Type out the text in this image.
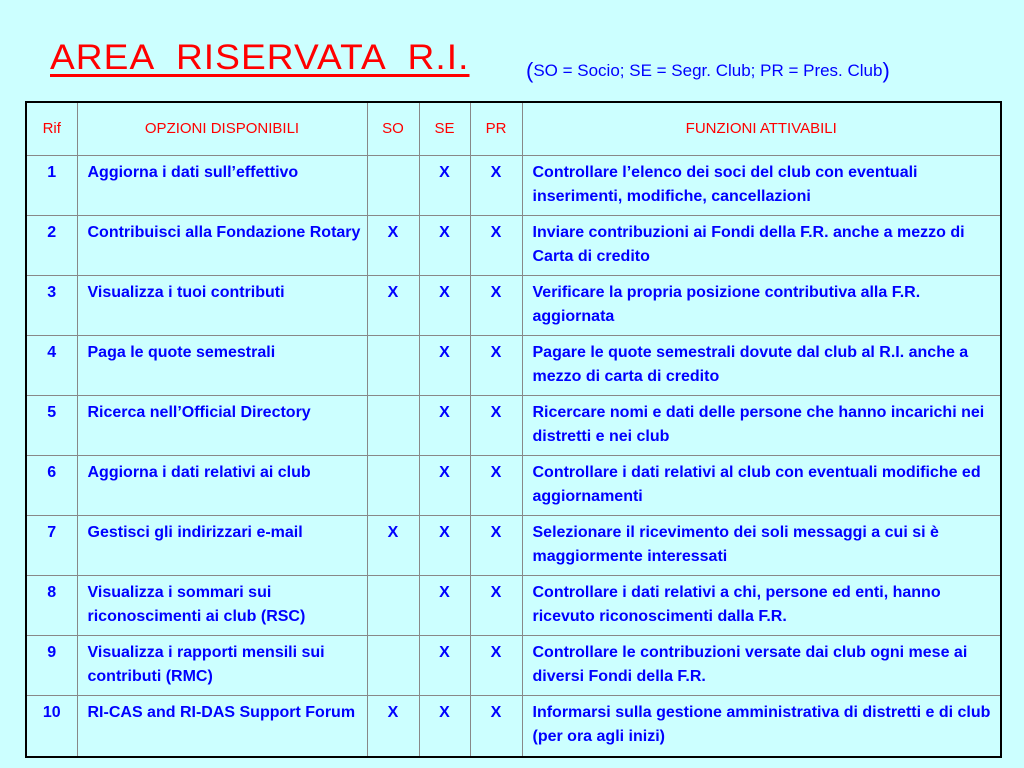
AREA  RISERVATA  R.I.	(SO = Socio; SE = Segr. Club; PR = Pres. Club)
Rif	OPZIONI DISPONIBILI	SO	SE	PR	FUNZIONI ATTIVABILI
1	Aggiorna i dati sull’effettivo		X	X	Controllare l’elenco dei soci del club con eventuali inserimenti, modifiche, cancellazioni
2	Contribuisci alla Fondazione Rotary	X	X	X	Inviare contribuzioni ai Fondi della F.R. anche a mezzo di Carta di credito
3	Visualizza i tuoi contributi	X	X	X	Verificare la propria posizione contributiva alla F.R. aggiornata
4	Paga le quote semestrali		X	X	Pagare le quote semestrali dovute dal club al R.I. anche a mezzo di carta di credito
5	Ricerca nell’Official Directory		X	X	Ricercare nomi e dati delle persone che hanno incarichi nei distretti e nei club
6	Aggiorna i dati relativi ai club		X	X	Controllare i dati relativi al club con eventuali modifiche ed aggiornamenti
7	Gestisci gli indirizzari e-mail	X	X	X	Selezionare il ricevimento dei soli messaggi a cui si è maggiormente interessati
8	Visualizza i sommari sui riconoscimenti ai club (RSC)		X	X	Controllare i dati relativi a chi, persone ed enti, hanno ricevuto riconoscimenti dalla F.R.
9	Visualizza i rapporti mensili sui contributi (RMC)		X	X	Controllare le contribuzioni versate dai club ogni mese ai diversi Fondi della F.R.
10	RI-CAS and RI-DAS Support Forum	X	X	X	Informarsi sulla gestione amministrativa di distretti e di club (per ora agli inizi)
